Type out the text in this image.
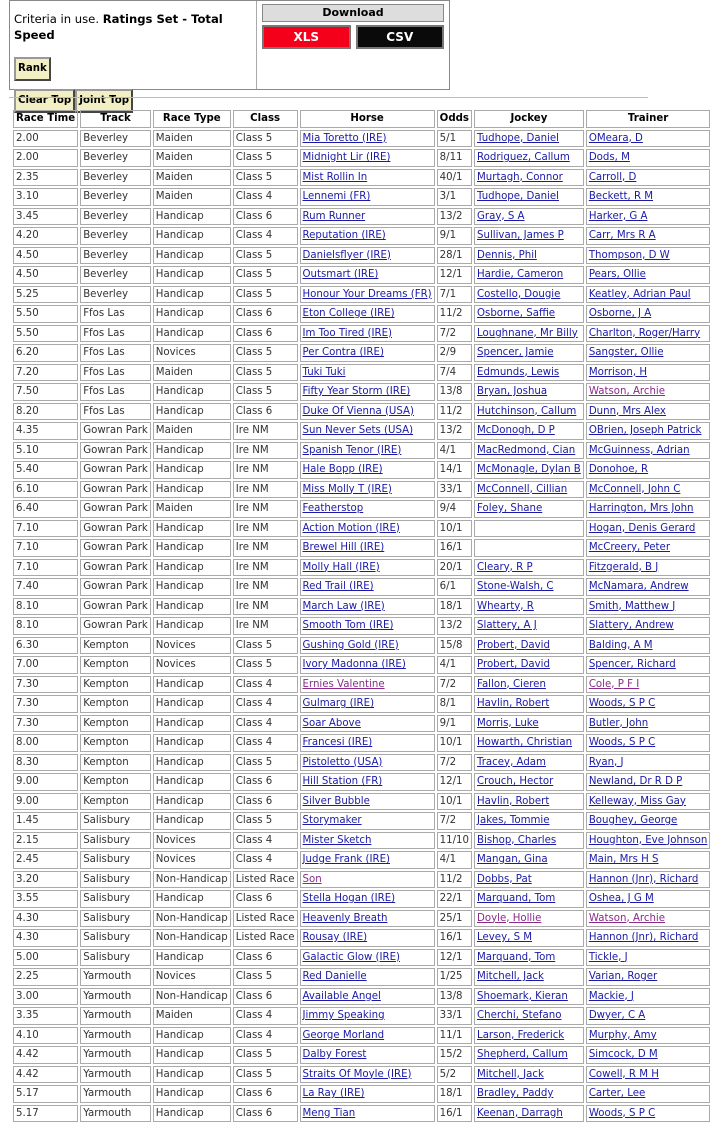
Criteria in use. Ratings Set - Total Speed
Rank
Clear Top Joint Top
Download
XLS	CSV
Race Time	Track	Race Type	Class	Horse	Odds	Jockey	Trainer
2.00	Beverley	Maiden	Class 5	Mia Toretto (IRE)	5/1	Tudhope, Daniel	OMeara, D
2.00	Beverley	Maiden	Class 5	Midnight Lir (IRE)	8/11	Rodriguez, Callum	Dods, M
2.35	Beverley	Maiden	Class 5	Mist Rollin In	40/1	Murtagh, Connor	Carroll, D
3.10	Beverley	Maiden	Class 4	Lennemi (FR)	3/1	Tudhope, Daniel	Beckett, R M
3.45	Beverley	Handicap	Class 6	Rum Runner	13/2	Gray, S A	Harker, G A
4.20	Beverley	Handicap	Class 4	Reputation (IRE)	9/1	Sullivan, James P	Carr, Mrs R A
4.50	Beverley	Handicap	Class 5	Danielsflyer (IRE)	28/1	Dennis, Phil	Thompson, D W
4.50	Beverley	Handicap	Class 5	Outsmart (IRE)	12/1	Hardie, Cameron	Pears, Ollie
5.25	Beverley	Handicap	Class 5	Honour Your Dreams (FR)	7/1	Costello, Dougie	Keatley, Adrian Paul
5.50	Ffos Las	Handicap	Class 6	Eton College (IRE)	11/2	Osborne, Saffie	Osborne, J A
5.50	Ffos Las	Handicap	Class 6	Im Too Tired (IRE)	7/2	Loughnane, Mr Billy	Charlton, Roger/Harry
6.20	Ffos Las	Novices	Class 5	Per Contra (IRE)	2/9	Spencer, Jamie	Sangster, Ollie
7.20	Ffos Las	Maiden	Class 5	Tuki Tuki	7/4	Edmunds, Lewis	Morrison, H
7.50	Ffos Las	Handicap	Class 5	Fifty Year Storm (IRE)	13/8	Bryan, Joshua	Watson, Archie
8.20	Ffos Las	Handicap	Class 6	Duke Of Vienna (USA)	11/2	Hutchinson, Callum	Dunn, Mrs Alex
4.35	Gowran Park	Maiden	Ire NM	Sun Never Sets (USA)	13/2	McDonogh, D P	OBrien, Joseph Patrick
5.10	Gowran Park	Handicap	Ire NM	Spanish Tenor (IRE)	4/1	MacRedmond, Cian	McGuinness, Adrian
5.40	Gowran Park	Handicap	Ire NM	Hale Bopp (IRE)	14/1	McMonagle, Dylan B	Donohoe, R
6.10	Gowran Park	Handicap	Ire NM	Miss Molly T (IRE)	33/1	McConnell, Cillian	McConnell, John C
6.40	Gowran Park	Maiden	Ire NM	Featherstop	9/4	Foley, Shane	Harrington, Mrs John
7.10	Gowran Park	Handicap	Ire NM	Action Motion (IRE)	10/1		Hogan, Denis Gerard
7.10	Gowran Park	Handicap	Ire NM	Brewel Hill (IRE)	16/1		McCreery, Peter
7.10	Gowran Park	Handicap	Ire NM	Molly Hall (IRE)	20/1	Cleary, R P	Fitzgerald, B J
7.40	Gowran Park	Handicap	Ire NM	Red Trail (IRE)	6/1	Stone-Walsh, C	McNamara, Andrew
8.10	Gowran Park	Handicap	Ire NM	March Law (IRE)	18/1	Whearty, R	Smith, Matthew J
8.10	Gowran Park	Handicap	Ire NM	Smooth Tom (IRE)	13/2	Slattery, A J	Slattery, Andrew
6.30	Kempton	Novices	Class 5	Gushing Gold (IRE)	15/8	Probert, David	Balding, A M
7.00	Kempton	Novices	Class 5	Ivory Madonna (IRE)	4/1	Probert, David	Spencer, Richard
7.30	Kempton	Handicap	Class 4	Ernies Valentine	7/2	Fallon, Cieren	Cole, P F I
7.30	Kempton	Handicap	Class 4	Gulmarg (IRE)	8/1	Havlin, Robert	Woods, S P C
7.30	Kempton	Handicap	Class 4	Soar Above	9/1	Morris, Luke	Butler, John
8.00	Kempton	Handicap	Class 4	Francesi (IRE)	10/1	Howarth, Christian	Woods, S P C
8.30	Kempton	Handicap	Class 5	Pistoletto (USA)	7/2	Tracey, Adam	Ryan, J
9.00	Kempton	Handicap	Class 6	Hill Station (FR)	12/1	Crouch, Hector	Newland, Dr R D P
9.00	Kempton	Handicap	Class 6	Silver Bubble	10/1	Havlin, Robert	Kelleway, Miss Gay
1.45	Salisbury	Handicap	Class 5	Storymaker	7/2	Jakes, Tommie	Boughey, George
2.15	Salisbury	Novices	Class 4	Mister Sketch	11/10	Bishop, Charles	Houghton, Eve Johnson
2.45	Salisbury	Novices	Class 4	Judge Frank (IRE)	4/1	Mangan, Gina	Main, Mrs H S
3.20	Salisbury	Non-Handicap	Listed Race	Son	11/2	Dobbs, Pat	Hannon (Jnr), Richard
3.55	Salisbury	Handicap	Class 6	Stella Hogan (IRE)	22/1	Marquand, Tom	Oshea, J G M
4.30	Salisbury	Non-Handicap	Listed Race	Heavenly Breath	25/1	Doyle, Hollie	Watson, Archie
4.30	Salisbury	Non-Handicap	Listed Race	Rousay (IRE)	16/1	Levey, S M	Hannon (Jnr), Richard
5.00	Salisbury	Handicap	Class 6	Galactic Glow (IRE)	12/1	Marquand, Tom	Tickle, J
2.25	Yarmouth	Novices	Class 5	Red Danielle	1/25	Mitchell, Jack	Varian, Roger
3.00	Yarmouth	Non-Handicap	Class 6	Available Angel	13/8	Shoemark, Kieran	Mackie, J
3.35	Yarmouth	Maiden	Class 4	Jimmy Speaking	33/1	Cherchi, Stefano	Dwyer, C A
4.10	Yarmouth	Handicap	Class 4	George Morland	11/1	Larson, Frederick	Murphy, Amy
4.42	Yarmouth	Handicap	Class 5	Dalby Forest	15/2	Shepherd, Callum	Simcock, D M
4.42	Yarmouth	Handicap	Class 5	Straits Of Moyle (IRE)	5/2	Mitchell, Jack	Cowell, R M H
5.17	Yarmouth	Handicap	Class 6	La Ray (IRE)	18/1	Bradley, Paddy	Carter, Lee
5.17	Yarmouth	Handicap	Class 6	Meng Tian	16/1	Keenan, Darragh	Woods, S P C
